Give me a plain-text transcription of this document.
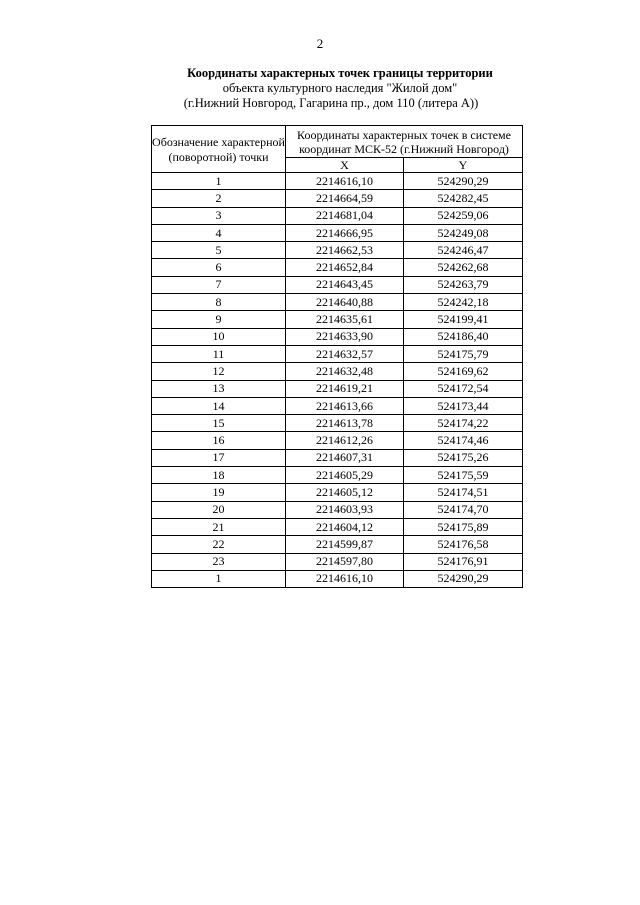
2
Координаты характерных точек границы территории
объекта культурного наследия "Жилой дом"
(г.Нижний Новгород, Гагарина пр., дом 110 (литера А))
Обозначение характерной (поворотной) точки	Координаты характерных точек в системе координат МСК-52 (г.Нижний Новгород)	
	X	Y
1	2214616,10	524290,29
2	2214664,59	524282,45
3	2214681,04	524259,06
4	2214666,95	524249,08
5	2214662,53	524246,47
6	2214652,84	524262,68
7	2214643,45	524263,79
8	2214640,88	524242,18
9	2214635,61	524199,41
10	2214633,90	524186,40
11	2214632,57	524175,79
12	2214632,48	524169,62
13	2214619,21	524172,54
14	2214613,66	524173,44
15	2214613,78	524174,22
16	2214612,26	524174,46
17	2214607,31	524175,26
18	2214605,29	524175,59
19	2214605,12	524174,51
20	2214603,93	524174,70
21	2214604,12	524175,89
22	2214599,87	524176,58
23	2214597,80	524176,91
1	2214616,10	524290,29
